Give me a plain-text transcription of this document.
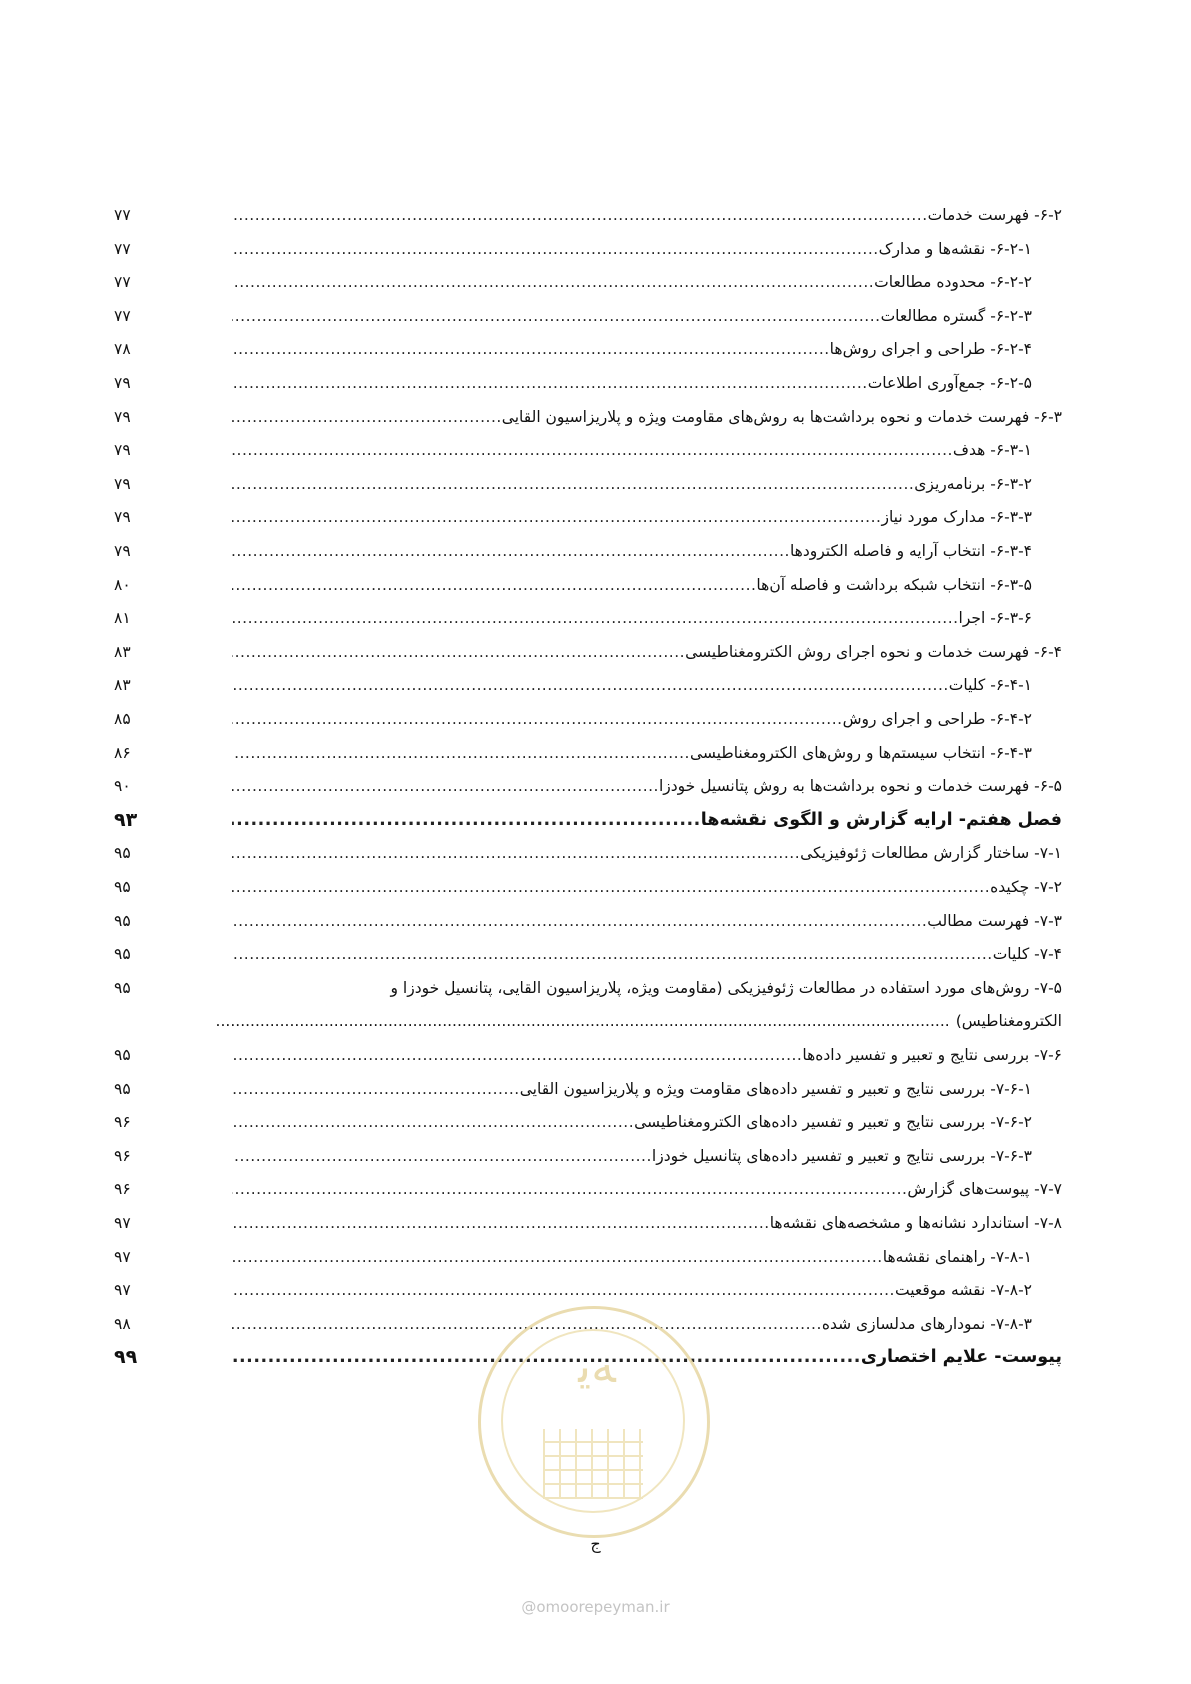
۶-۲- فهرست خدمات
.....
۷۷
۶-۲-۱- نقشه‌ها و مدارک
.....
۷۷
۶-۲-۲- محدوده مطالعات
.....
۷۷
۶-۲-۳- گستره مطالعات
.....
۷۷
۶-۲-۴- طراحی و اجرای روش‌ها
.....
۷۸
۶-۲-۵- جمع‌آوری اطلاعات
.....
۷۹
۶-۳- فهرست خدمات و نحوه برداشت‌ها به روش‌های مقاومت ویژه و پلاریزاسیون القایی
.....
۷۹
۶-۳-۱- هدف
.....
۷۹
۶-۳-۲- برنامه‌ریزی
.....
۷۹
۶-۳-۳- مدارک مورد نیاز
.....
۷۹
۶-۳-۴- انتخاب آرایه و فاصله الکترودها
.....
۷۹
۶-۳-۵- انتخاب شبکه برداشت و فاصله آن‌ها
.....
۸۰
۶-۳-۶- اجرا
.....
۸۱
۶-۴- فهرست خدمات و نحوه اجرای روش الکترومغناطیسی
.....
۸۳
۶-۴-۱- کلیات
.....
۸۳
۶-۴-۲- طراحی و اجرای روش
.....
۸۵
۶-۴-۳- انتخاب سیستم‌ها و روش‌های الکترومغناطیسی
.....
۸۶
۶-۵- فهرست خدمات و نحوه برداشت‌ها به روش پتانسیل خودزا
.....
۹۰
فصل هفتم- ارایه گزارش و الگوی نقشه‌ها
.....
۹۳
۷-۱- ساختار گزارش مطالعات ژئوفیزیکی
.....
۹۵
۷-۲- چکیده
.....
۹۵
۷-۳- فهرست مطالب
.....
۹۵
۷-۴- کلیات
.....
۹۵
۷-۵- روش‌های مورد استفاده در مطالعات ژئوفیزیکی (مقاومت ویژه، پلاریزاسیون القایی، پتانسیل خودزا و
۹۵
الکترومغناطیس)
.....
۷-۶- بررسی نتایج و تعبیر و تفسیر داده‌ها
.....
۹۵
۷-۶-۱- بررسی نتایج و تعبیر و تفسیر داده‌های مقاومت ویژه و پلاریزاسیون القایی
.....
۹۵
۷-۶-۲- بررسی نتایج و تعبیر و تفسیر داده‌های الکترومغناطیسی
.....
۹۶
۷-۶-۳- بررسی نتایج و تعبیر و تفسیر داده‌های پتانسیل خودزا
.....
۹۶
۷-۷- پیوست‌های گزارش
.....
۹۶
۷-۸- استاندارد نشانه‌ها و مشخصه‌های نقشه‌ها
.....
۹۷
۷-۸-۱- راهنمای نقشه‌ها
.....
۹۷
۷-۸-۲- نقشه موقعیت
.....
۹۷
۷-۸-۳- نمودارهای مدلسازی شده
.....
۹۸
پیوست- علایم اختصاری
.....
۹۹
ج
ﻪﻳ
@omoorepeyman.ir
